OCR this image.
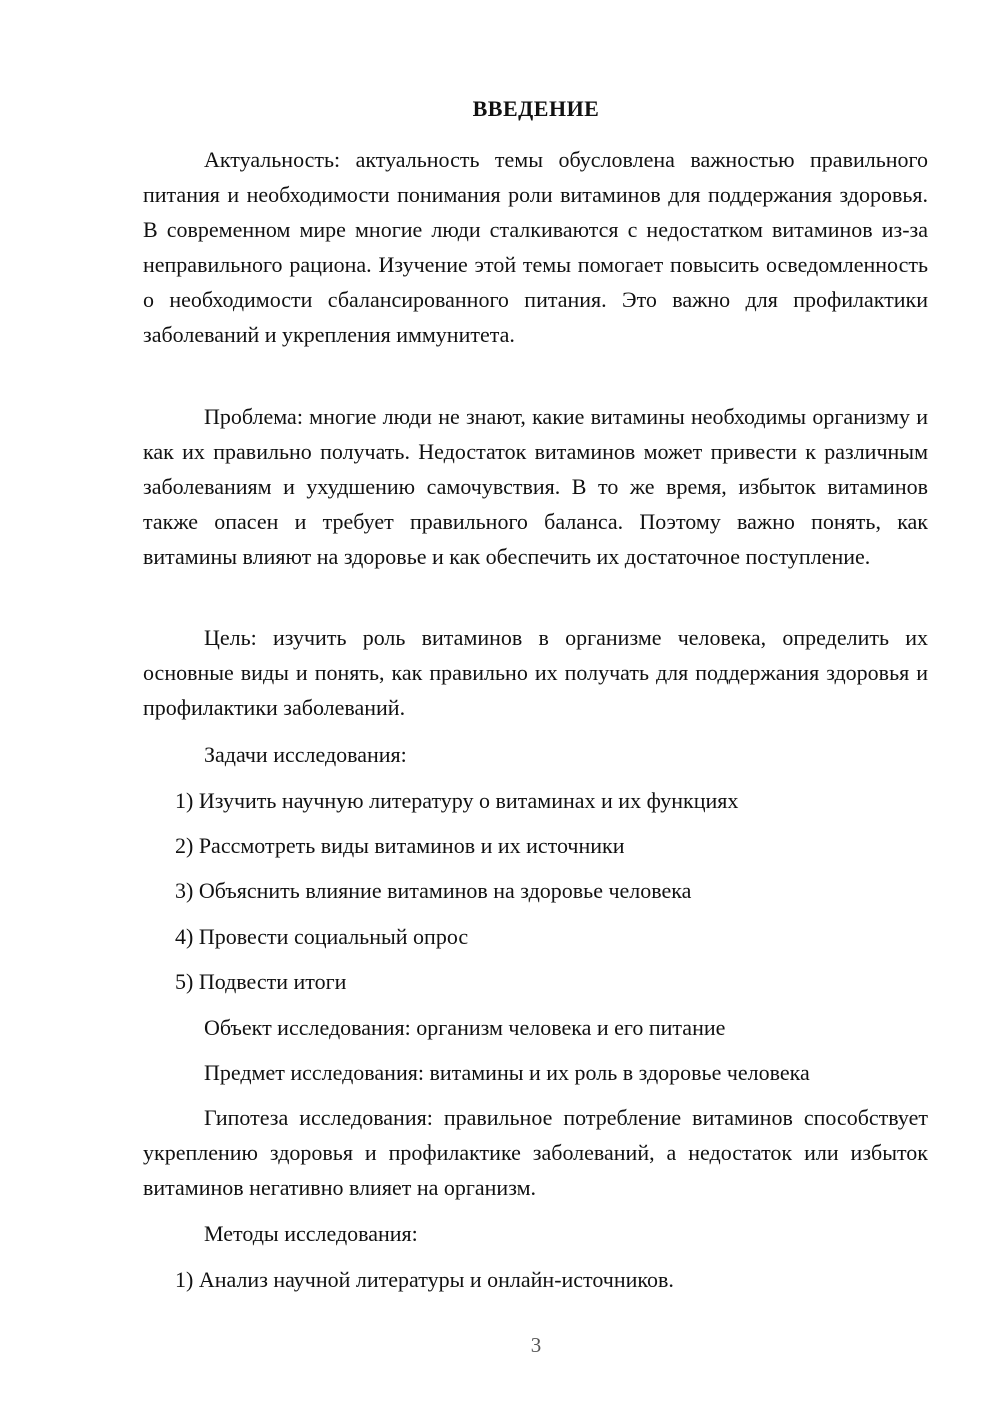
ВВЕДЕНИЕ

Актуальность: актуальность темы обусловлена важностью правильного питания и необходимости понимания роли витаминов для поддержания здоровья. В современном мире многие люди сталкиваются с недостатком витаминов из-за неправильного рациона. Изучение этой темы помогает повысить осведомленность о необходимости сбалансированного питания. Это важно для профилактики заболеваний и укрепления иммунитета.

Проблема: многие люди не знают, какие витамины необходимы организму и как их правильно получать. Недостаток витаминов может привести к различным заболеваниям и ухудшению самочувствия. В то же время, избыток витаминов также опасен и требует правильного баланса. Поэтому важно понять, как витамины влияют на здоровье и как обеспечить их достаточное поступление.

Цель: изучить роль витаминов в организме человека, определить их основные виды и понять, как правильно их получать для поддержания здоровья и профилактики заболеваний.

Задачи исследования:

1) Изучить научную литературу о витаминах и их функциях

2) Рассмотреть виды витаминов и их источники

3) Объяснить влияние витаминов на здоровье человека

4) Провести социальный опрос

5) Подвести итоги

Объект исследования: организм человека и его питание

Предмет исследования: витамины и их роль в здоровье человека

Гипотеза исследования: правильное потребление витаминов способствует укреплению здоровья и профилактике заболеваний, а недостаток или избыток витаминов негативно влияет на организм.

Методы исследования:

1) Анализ научной литературы и онлайн-источников.

3
